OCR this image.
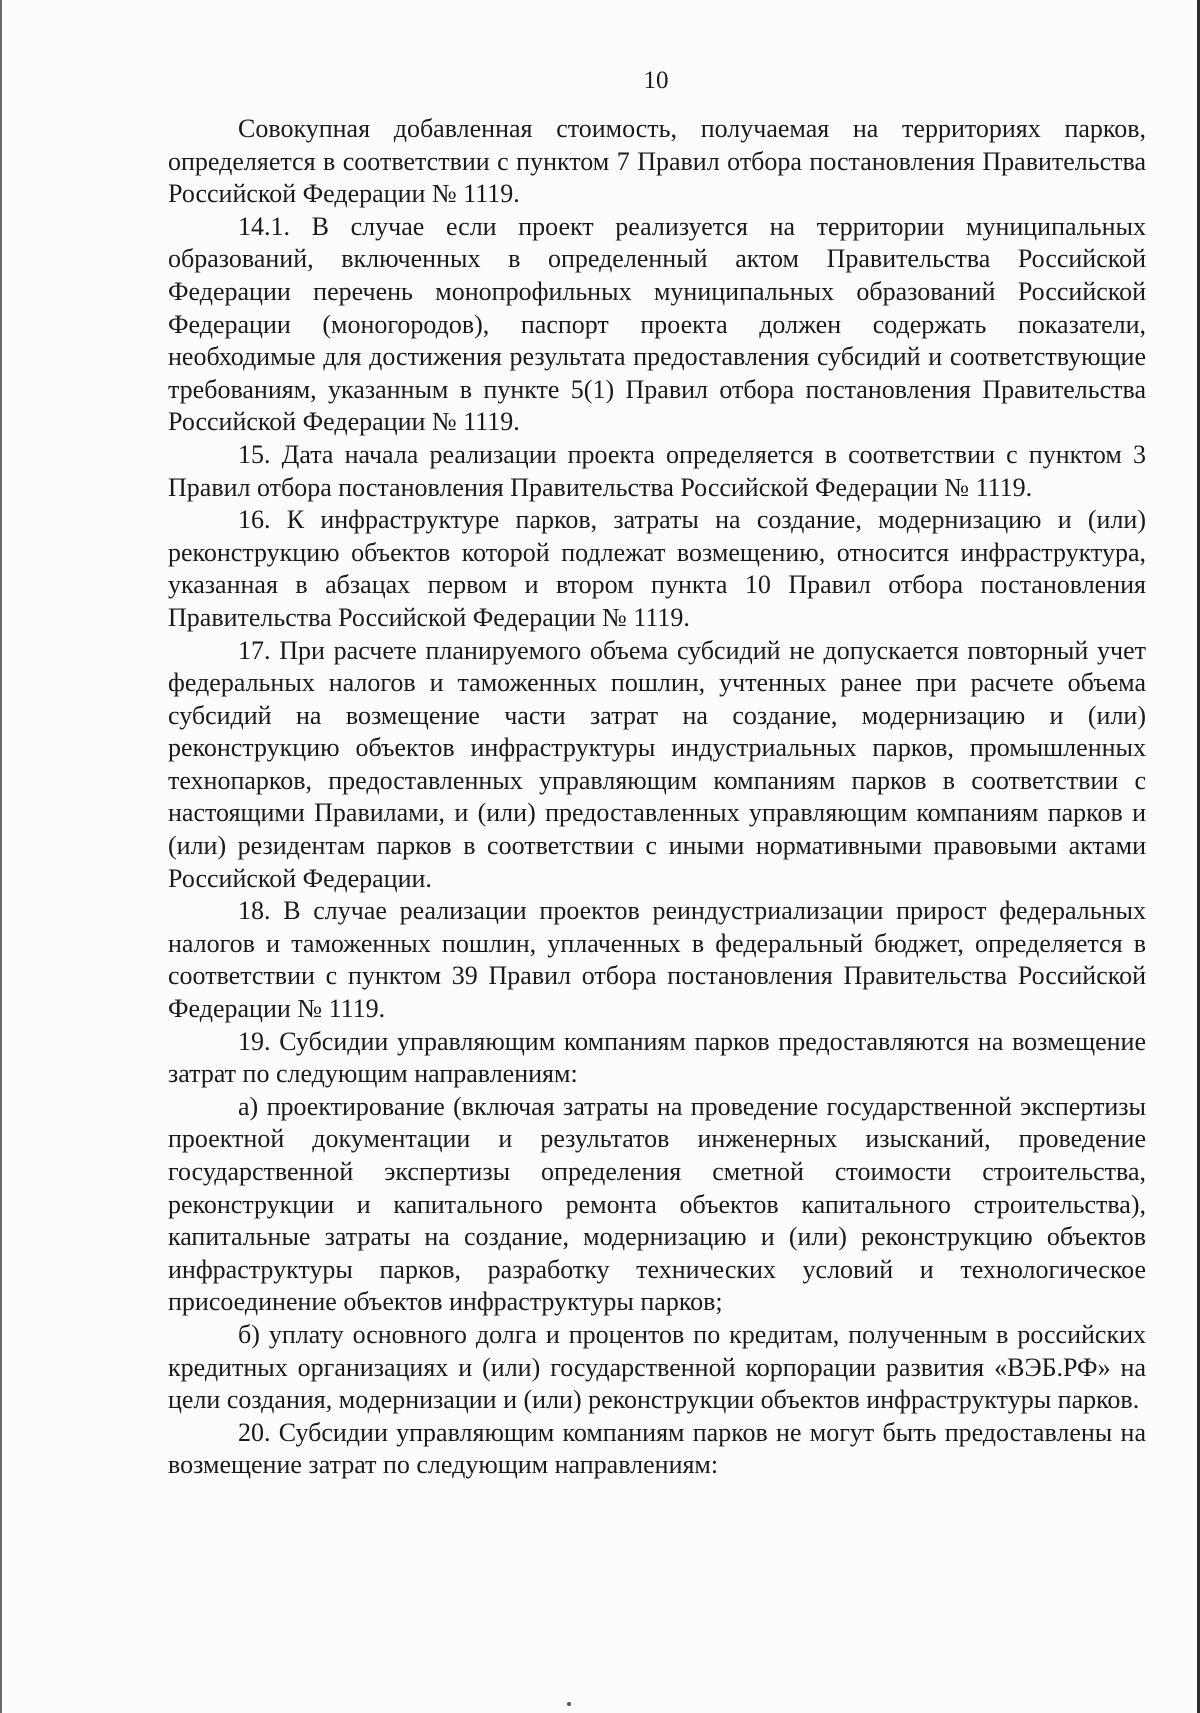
10

Совокупная добавленная стоимость, получаемая на территориях парков, определяется в соответствии с пунктом 7 Правил отбора постановления Правительства Российской Федерации № 1119.

14.1. В случае если проект реализуется на территории муниципальных образований, включенных в определенный актом Правительства Российской Федерации перечень монопрофильных муниципальных образований Российской Федерации (моногородов), паспорт проекта должен содержать показатели, необходимые для достижения результата предоставления субсидий и соответствующие требованиям, указанным в пункте 5(1) Правил отбора постановления Правительства Российской Федерации № 1119.

15. Дата начала реализации проекта определяется в соответствии с пунктом 3 Правил отбора постановления Правительства Российской Федерации № 1119.

16. К инфраструктуре парков, затраты на создание, модернизацию и (или) реконструкцию объектов которой подлежат возмещению, относится инфраструктура, указанная в абзацах первом и втором пункта 10 Правил отбора постановления Правительства Российской Федерации № 1119.

17. При расчете планируемого объема субсидий не допускается повторный учет федеральных налогов и таможенных пошлин, учтенных ранее при расчете объема субсидий на возмещение части затрат на создание, модернизацию и (или) реконструкцию объектов инфраструктуры индустриальных парков, промышленных технопарков, предоставленных управляющим компаниям парков в соответствии с настоящими Правилами, и (или) предоставленных управляющим компаниям парков и (или) резидентам парков в соответствии с иными нормативными правовыми актами Российской Федерации.

18. В случае реализации проектов реиндустриализации прирост федеральных налогов и таможенных пошлин, уплаченных в федеральный бюджет, определяется в соответствии с пунктом 39 Правил отбора постановления Правительства Российской Федерации № 1119.

19. Субсидии управляющим компаниям парков предоставляются на возмещение затрат по следующим направлениям:

а) проектирование (включая затраты на проведение государственной экспертизы проектной документации и результатов инженерных изысканий, проведение государственной экспертизы определения сметной стоимости строительства, реконструкции и капитального ремонта объектов капитального строительства), капитальные затраты на создание, модернизацию и (или) реконструкцию объектов инфраструктуры парков, разработку технических условий и технологическое присоединение объектов инфраструктуры парков;

б) уплату основного долга и процентов по кредитам, полученным в российских кредитных организациях и (или) государственной корпорации развития «ВЭБ.РФ» на цели создания, модернизации и (или) реконструкции объектов инфраструктуры парков.

20. Субсидии управляющим компаниям парков не могут быть предоставлены на возмещение затрат по следующим направлениям:
